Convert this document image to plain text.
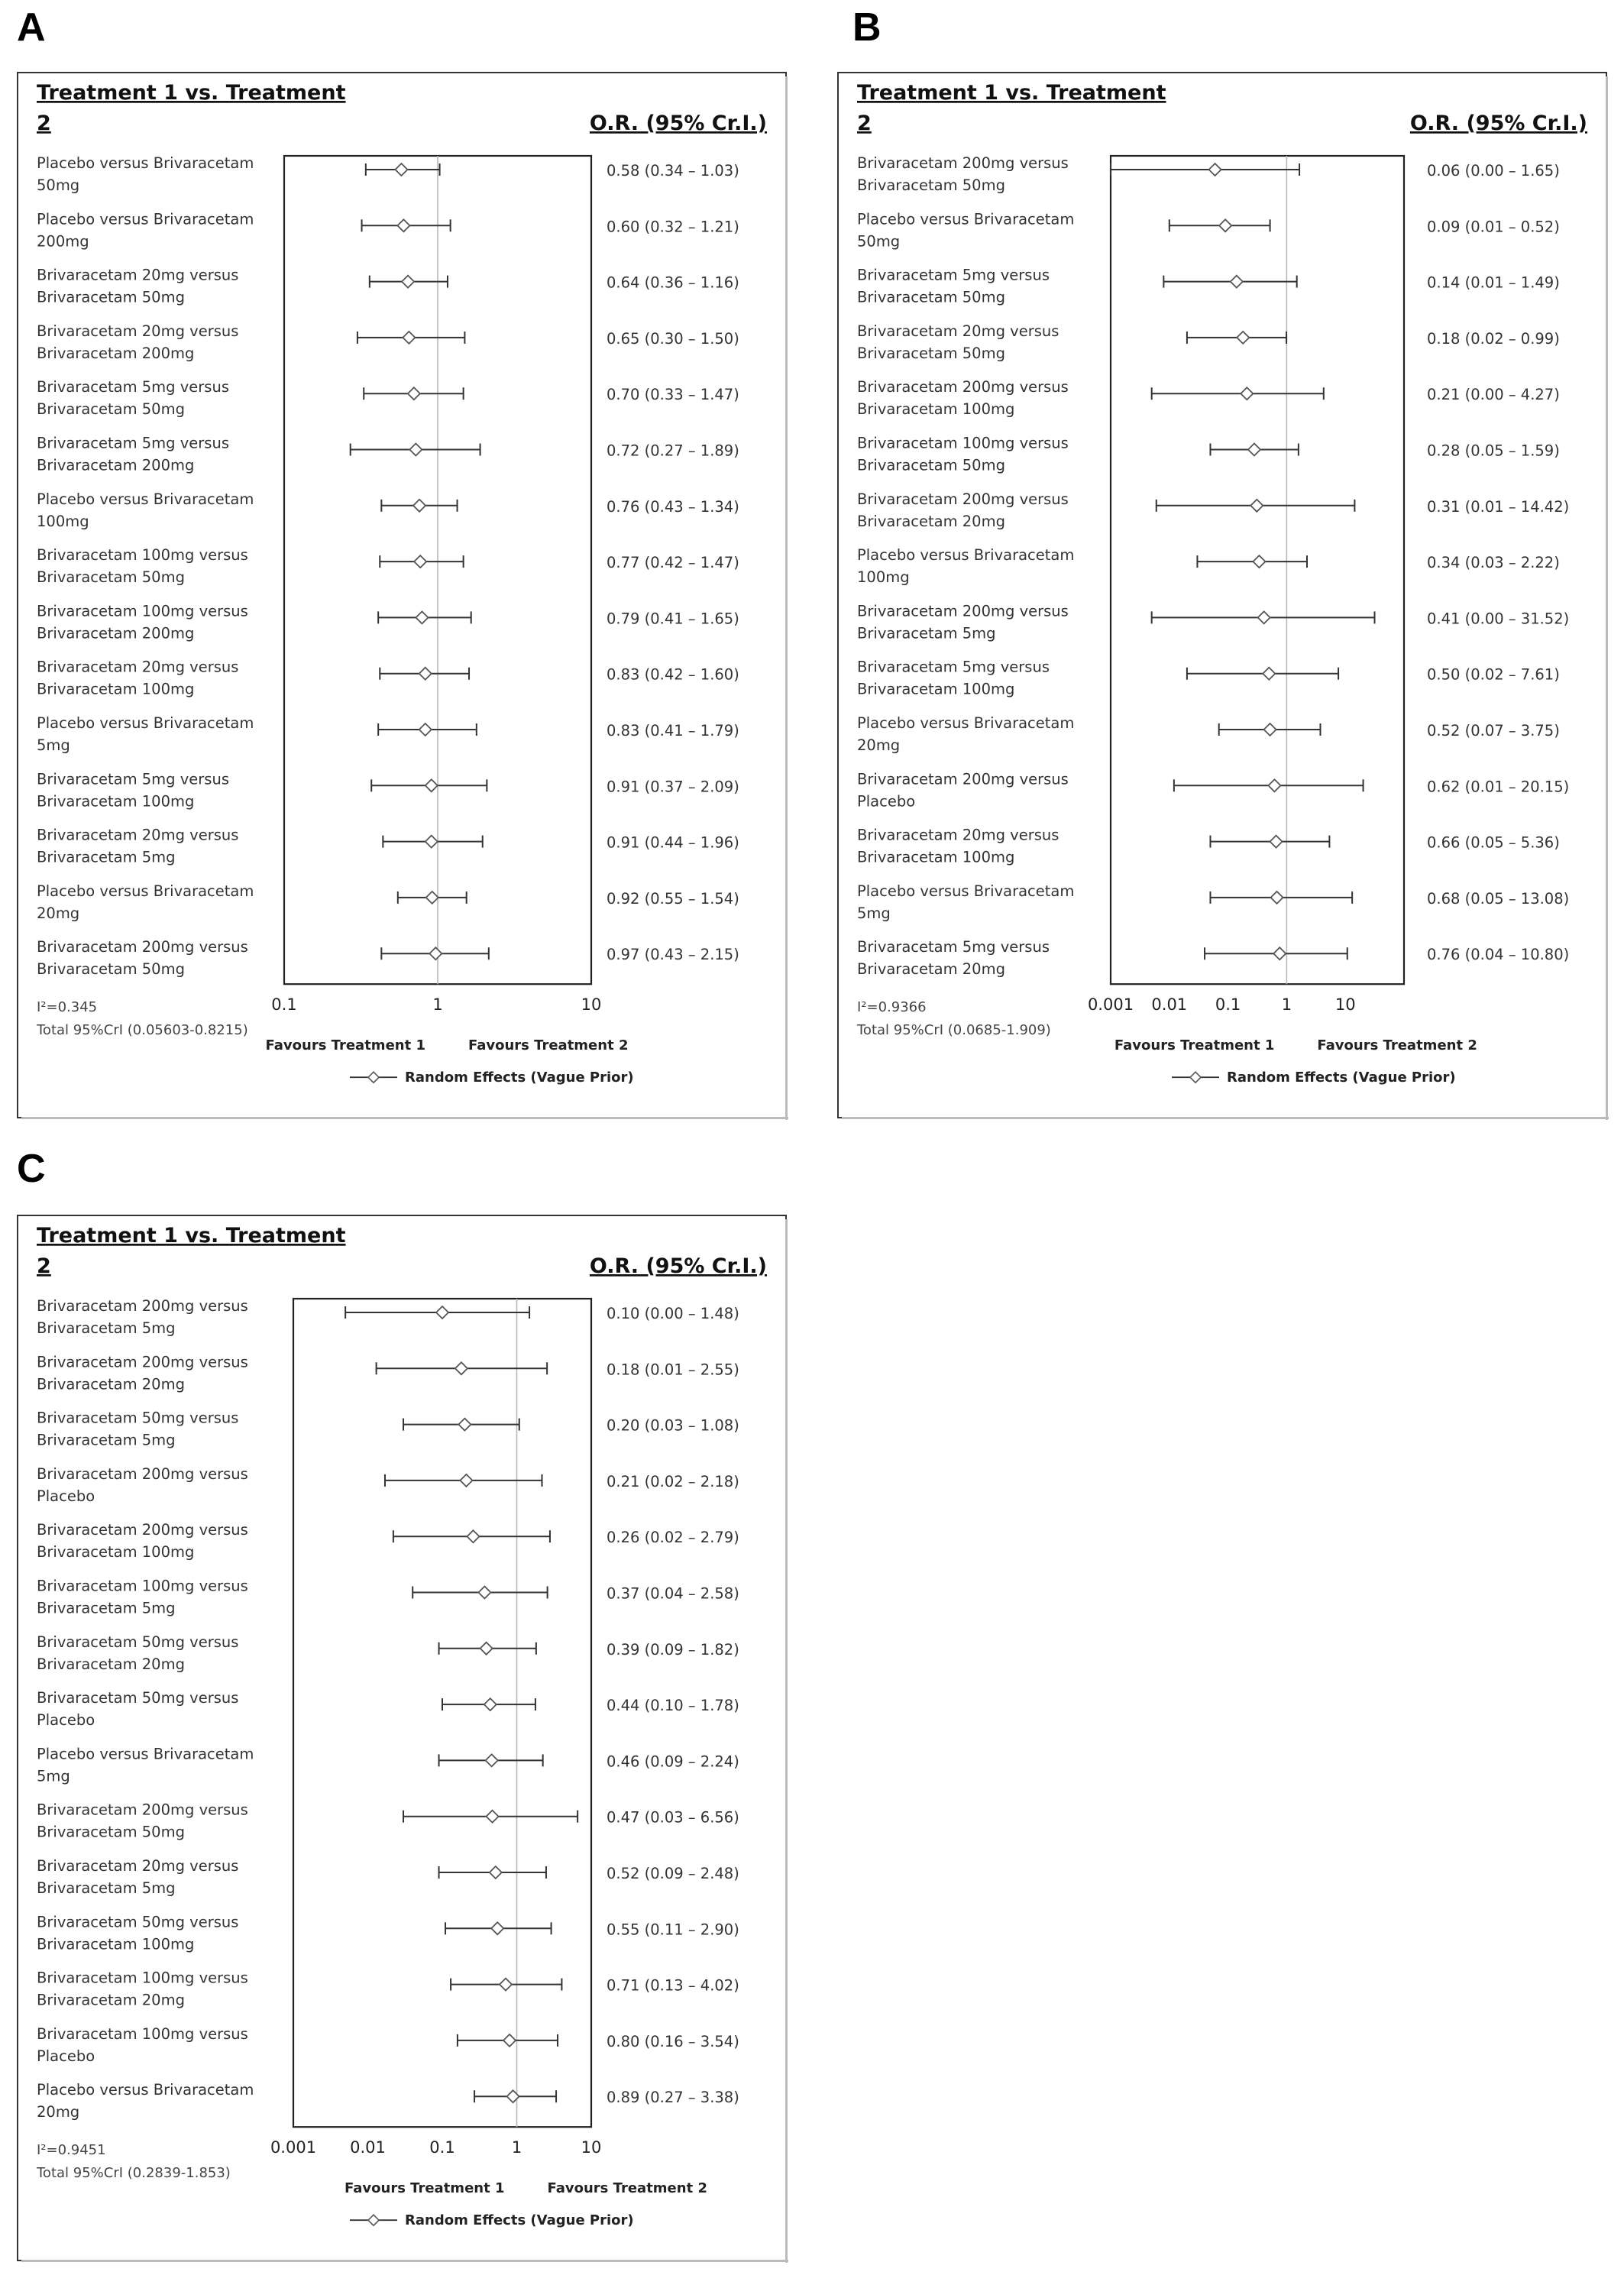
A	B
C
Treatment 1 vs. Treatment
2	O.R. (95% Cr.I.)
Placebo versus Brivaracetam
50mg
0.58 (0.34 – 1.03)
Placebo versus Brivaracetam
200mg
0.60 (0.32 – 1.21)
Brivaracetam 20mg versus
Brivaracetam 50mg
0.64 (0.36 – 1.16)
Brivaracetam 20mg versus
Brivaracetam 200mg
0.65 (0.30 – 1.50)
Brivaracetam 5mg versus
Brivaracetam 50mg
0.70 (0.33 – 1.47)
Brivaracetam 5mg versus
Brivaracetam 200mg
0.72 (0.27 – 1.89)
Placebo versus Brivaracetam
100mg
0.76 (0.43 – 1.34)
Brivaracetam 100mg versus
Brivaracetam 50mg
0.77 (0.42 – 1.47)
Brivaracetam 100mg versus
Brivaracetam 200mg
0.79 (0.41 – 1.65)
Brivaracetam 20mg versus
Brivaracetam 100mg
0.83 (0.42 – 1.60)
Placebo versus Brivaracetam
5mg
0.83 (0.41 – 1.79)
Brivaracetam 5mg versus
Brivaracetam 100mg
0.91 (0.37 – 2.09)
Brivaracetam 20mg versus
Brivaracetam 5mg
0.91 (0.44 – 1.96)
Placebo versus Brivaracetam
20mg
0.92 (0.55 – 1.54)
Brivaracetam 200mg versus
Brivaracetam 50mg
0.97 (0.43 – 2.15)
0.1	1	10
I²=0.345
Total 95%CrI (0.05603-0.8215)
Favours Treatment 1	Favours Treatment 2
Random Effects (Vague Prior)
Treatment 1 vs. Treatment
2	O.R. (95% Cr.I.)
Brivaracetam 200mg versus
Brivaracetam 50mg
0.06 (0.00 – 1.65)
Placebo versus Brivaracetam
50mg
0.09 (0.01 – 0.52)
Brivaracetam 5mg versus
Brivaracetam 50mg
0.14 (0.01 – 1.49)
Brivaracetam 20mg versus
Brivaracetam 50mg
0.18 (0.02 – 0.99)
Brivaracetam 200mg versus
Brivaracetam 100mg
0.21 (0.00 – 4.27)
Brivaracetam 100mg versus
Brivaracetam 50mg
0.28 (0.05 – 1.59)
Brivaracetam 200mg versus
Brivaracetam 20mg
0.31 (0.01 – 14.42)
Placebo versus Brivaracetam
100mg
0.34 (0.03 – 2.22)
Brivaracetam 200mg versus
Brivaracetam 5mg
0.41 (0.00 – 31.52)
Brivaracetam 5mg versus
Brivaracetam 100mg
0.50 (0.02 – 7.61)
Placebo versus Brivaracetam
20mg
0.52 (0.07 – 3.75)
Brivaracetam 200mg versus
Placebo
0.62 (0.01 – 20.15)
Brivaracetam 20mg versus
Brivaracetam 100mg
0.66 (0.05 – 5.36)
Placebo versus Brivaracetam
5mg
0.68 (0.05 – 13.08)
Brivaracetam 5mg versus
Brivaracetam 20mg
0.76 (0.04 – 10.80)
0.001 0.01 0.1	1	10
I²=0.9366
Total 95%CrI (0.0685-1.909)
Favours Treatment 1	Favours Treatment 2
Random Effects (Vague Prior)
Treatment 1 vs. Treatment
2	O.R. (95% Cr.I.)
Brivaracetam 200mg versus
Brivaracetam 5mg
0.10 (0.00 – 1.48)
Brivaracetam 200mg versus
Brivaracetam 20mg
0.18 (0.01 – 2.55)
Brivaracetam 50mg versus
Brivaracetam 5mg
0.20 (0.03 – 1.08)
Brivaracetam 200mg versus
Placebo
0.21 (0.02 – 2.18)
Brivaracetam 200mg versus
Brivaracetam 100mg
0.26 (0.02 – 2.79)
Brivaracetam 100mg versus
Brivaracetam 5mg
0.37 (0.04 – 2.58)
Brivaracetam 50mg versus
Brivaracetam 20mg
0.39 (0.09 – 1.82)
Brivaracetam 50mg versus
Placebo
0.44 (0.10 – 1.78)
Placebo versus Brivaracetam
5mg
0.46 (0.09 – 2.24)
Brivaracetam 200mg versus
Brivaracetam 50mg
0.47 (0.03 – 6.56)
Brivaracetam 20mg versus
Brivaracetam 5mg
0.52 (0.09 – 2.48)
Brivaracetam 50mg versus
Brivaracetam 100mg
0.55 (0.11 – 2.90)
Brivaracetam 100mg versus
Brivaracetam 20mg
0.71 (0.13 – 4.02)
Brivaracetam 100mg versus
Placebo
0.80 (0.16 – 3.54)
Placebo versus Brivaracetam
20mg
0.89 (0.27 – 3.38)
0.001 0.01	0.1	1	10
I²=0.9451
Total 95%CrI (0.2839-1.853)
Favours Treatment 1	Favours Treatment 2
Random Effects (Vague Prior)
